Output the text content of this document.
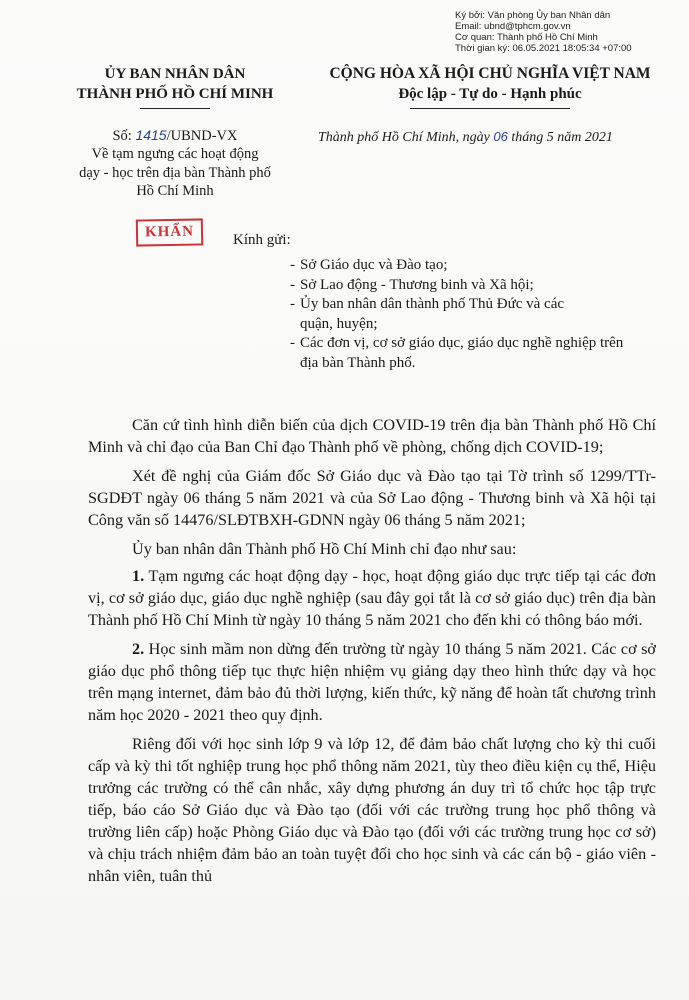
Ký bởi: Văn phòng Ủy ban Nhân dân
Email: ubnd@tphcm.gov.vn
Cơ quan: Thành phố Hồ Chí Minh
Thời gian ký: 06.05.2021 18:05:34 +07:00
ỦY BAN NHÂN DÂN
THÀNH PHỐ HỒ CHÍ MINH
CỘNG HÒA XÃ HỘI CHỦ NGHĨA VIỆT NAM
Độc lập - Tự do - Hạnh phúc
Số: 1415/UBND-VX
Về tạm ngưng các hoạt động
dạy - học trên địa bàn Thành phố
Hồ Chí Minh
Thành phố Hồ Chí Minh, ngày 06 tháng 5 năm 2021
KHẨN	Kính gửi:
- Sở Giáo dục và Đào tạo;
- Sở Lao động - Thương binh và Xã hội;
- Ủy ban nhân dân thành phố Thủ Đức và các quận, huyện;
- Các đơn vị, cơ sở giáo dục, giáo dục nghề nghiệp trên địa bàn Thành phố.

Căn cứ tình hình diễn biến của dịch COVID-19 trên địa bàn Thành phố Hồ Chí Minh và chỉ đạo của Ban Chỉ đạo Thành phố về phòng, chống dịch COVID-19;

Xét đề nghị của Giám đốc Sở Giáo dục và Đào tạo tại Tờ trình số 1299/TTr-SGDĐT ngày 06 tháng 5 năm 2021 và của Sở Lao động - Thương binh và Xã hội tại Công văn số 14476/SLĐTBXH-GDNN ngày 06 tháng 5 năm 2021;

Ủy ban nhân dân Thành phố Hồ Chí Minh chỉ đạo như sau:

1. Tạm ngưng các hoạt động dạy - học, hoạt động giáo dục trực tiếp tại các đơn vị, cơ sở giáo dục, giáo dục nghề nghiệp (sau đây gọi tắt là cơ sở giáo dục) trên địa bàn Thành phố Hồ Chí Minh từ ngày 10 tháng 5 năm 2021 cho đến khi có thông báo mới.

2. Học sinh mầm non dừng đến trường từ ngày 10 tháng 5 năm 2021. Các cơ sở giáo dục phổ thông tiếp tục thực hiện nhiệm vụ giảng dạy theo hình thức dạy và học trên mạng internet, đảm bảo đủ thời lượng, kiến thức, kỹ năng để hoàn tất chương trình năm học 2020 - 2021 theo quy định.

Riêng đối với học sinh lớp 9 và lớp 12, để đảm bảo chất lượng cho kỳ thi cuối cấp và kỳ thi tốt nghiệp trung học phổ thông năm 2021, tùy theo điều kiện cụ thể, Hiệu trưởng các trường có thể cân nhắc, xây dựng phương án duy trì tổ chức học tập trực tiếp, báo cáo Sở Giáo dục và Đào tạo (đối với các trường trung học phổ thông và trường liên cấp) hoặc Phòng Giáo dục và Đào tạo (đối với các trường trung học cơ sở) và chịu trách nhiệm đảm bảo an toàn tuyệt đối cho học sinh và các cán bộ - giáo viên - nhân viên, tuân thủ
